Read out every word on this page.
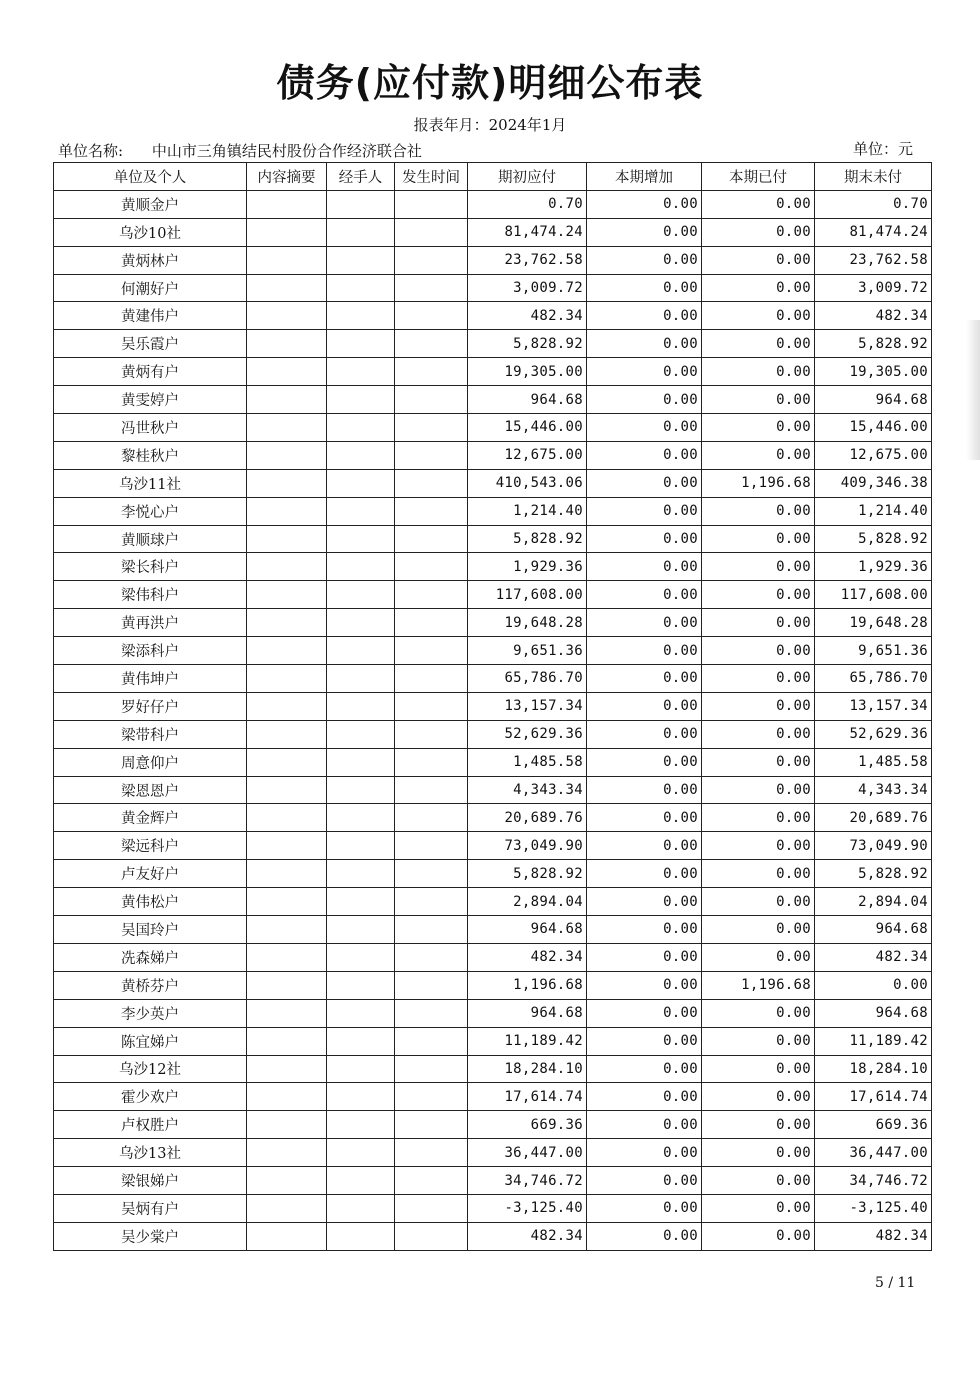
债务(应付款)明细公布表
报表年月：2024年1月
单位名称: 中山市三角镇结民村股份合作经济联合社	单位：元
单位及个人	内容摘要	经手人	发生时间	期初应付	本期增加	本期已付	期末未付
黄顺金户				0.70	0.00	0.00	0.70
乌沙10社				81,474.24	0.00	0.00	81,474.24
黄炳林户				23,762.58	0.00	0.00	23,762.58
何潮好户				3,009.72	0.00	0.00	3,009.72
黄建伟户				482.34	0.00	0.00	482.34
吴乐霞户				5,828.92	0.00	0.00	5,828.92
黄炳有户				19,305.00	0.00	0.00	19,305.00
黄雯婷户				964.68	0.00	0.00	964.68
冯世秋户				15,446.00	0.00	0.00	15,446.00
黎桂秋户				12,675.00	0.00	0.00	12,675.00
乌沙11社				410,543.06	0.00	1,196.68	409,346.38
李悦心户				1,214.40	0.00	0.00	1,214.40
黄顺球户				5,828.92	0.00	0.00	5,828.92
梁长科户				1,929.36	0.00	0.00	1,929.36
梁伟科户				117,608.00	0.00	0.00	117,608.00
黄再洪户				19,648.28	0.00	0.00	19,648.28
梁添科户				9,651.36	0.00	0.00	9,651.36
黄伟坤户				65,786.70	0.00	0.00	65,786.70
罗好仔户				13,157.34	0.00	0.00	13,157.34
梁带科户				52,629.36	0.00	0.00	52,629.36
周意仰户				1,485.58	0.00	0.00	1,485.58
梁恩恩户				4,343.34	0.00	0.00	4,343.34
黄金辉户				20,689.76	0.00	0.00	20,689.76
梁远科户				73,049.90	0.00	0.00	73,049.90
卢友好户				5,828.92	0.00	0.00	5,828.92
黄伟松户				2,894.04	0.00	0.00	2,894.04
吴国玲户				964.68	0.00	0.00	964.68
冼森娣户				482.34	0.00	0.00	482.34
黄桥芬户				1,196.68	0.00	1,196.68	0.00
李少英户				964.68	0.00	0.00	964.68
陈宜娣户				11,189.42	0.00	0.00	11,189.42
乌沙12社				18,284.10	0.00	0.00	18,284.10
霍少欢户				17,614.74	0.00	0.00	17,614.74
卢权胜户				669.36	0.00	0.00	669.36
乌沙13社				36,447.00	0.00	0.00	36,447.00
梁银娣户				34,746.72	0.00	0.00	34,746.72
吴炳有户				-3,125.40	0.00	0.00	-3,125.40
吴少棠户				482.34	0.00	0.00	482.34
5 / 11
